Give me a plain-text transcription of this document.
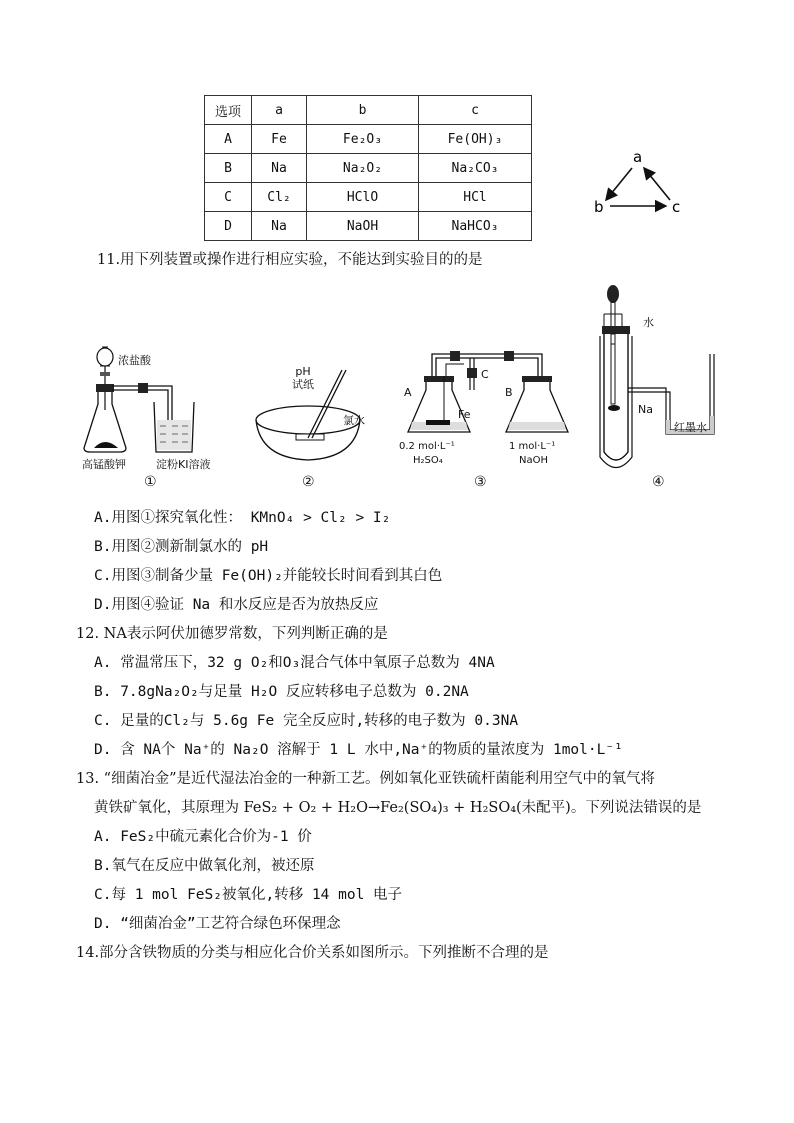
选项	a	b	c
A	Fe	Fe₂O₃	Fe(OH)₃
B	Na	Na₂O₂	Na₂CO₃
C	Cl₂	HClO	HCl
D	Na	NaOH	NaHCO₃
a
b	c
11.用下列装置或操作进行相应实验，不能达到实验目的的是
浓盐酸
高锰酸钾	淀粉KI溶液
①
pH
试纸
氯水
②
A	B
C
Fe
0.2 mol·L⁻¹
H₂SO₄
1 mol·L⁻¹
NaOH
③
水
Na
红墨水
④
A.用图①探究氧化性： KMnO₄ > Cl₂ > I₂
B.用图②测新制氯水的 pH
C.用图③制备少量 Fe(OH)₂并能较长时间看到其白色
D.用图④验证 Na 和水反应是否为放热反应
12. NA表示阿伏加德罗常数，下列判断正确的是
A. 常温常压下，32 g O₂和O₃混合气体中氧原子总数为 4NA
B. 7.8gNa₂O₂与足量 H₂O 反应转移电子总数为 0.2NA
C. 足量的Cl₂与 5.6g Fe 完全反应时,转移的电子数为 0.3NA
D. 含 NA个 Na⁺的 Na₂O 溶解于 1 L 水中,Na⁺的物质的量浓度为 1mol·L⁻¹
13. “细菌冶金”是近代湿法冶金的一种新工艺。例如氧化亚铁硫杆菌能利用空气中的氧气将
黄铁矿氧化，其原理为 FeS₂ + O₂ + H₂O→Fe₂(SO₄)₃ + H₂SO₄(未配平)。下列说法错误的是
A. FeS₂中硫元素化合价为-1 价
B.氧气在反应中做氧化剂，被还原
C.每 1 mol FeS₂被氧化,转移 14 mol 电子
D. “细菌冶金”工艺符合绿色环保理念
14.部分含铁物质的分类与相应化合价关系如图所示。下列推断不合理的是
